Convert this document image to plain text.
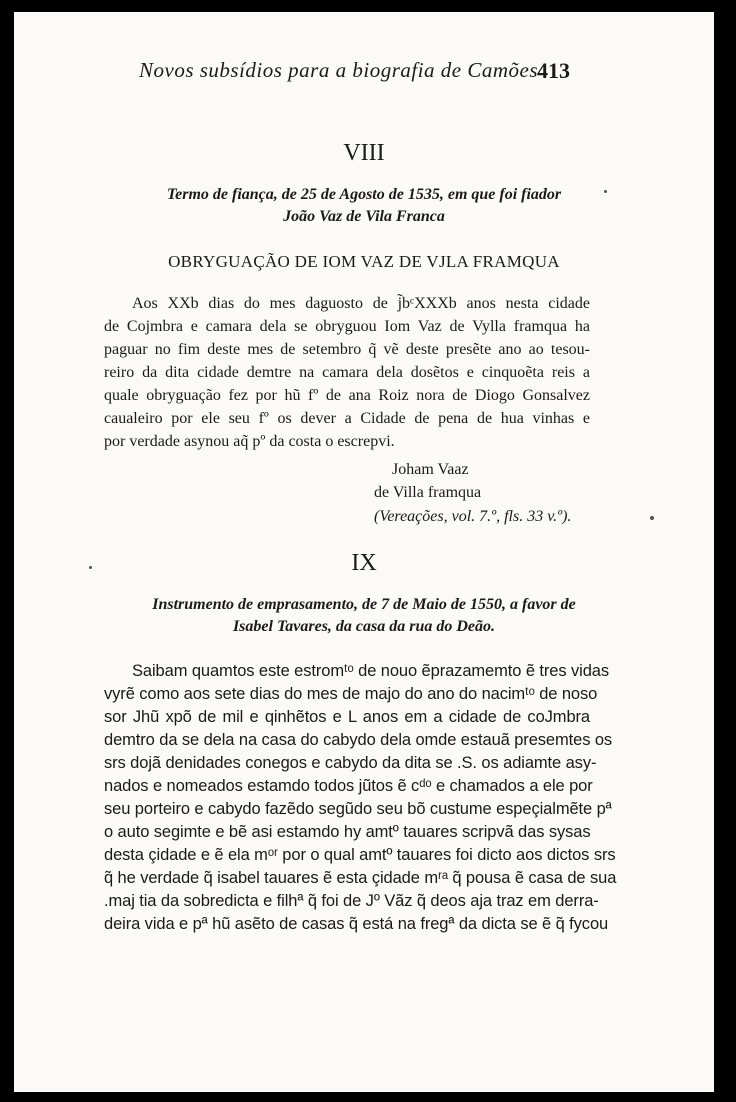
Novos subsídios para a biografia de Camões
413
VIII
Termo de fiança, de 25 de Agosto de 1535, em que foi fiador
João Vaz de Vila Franca
OBRYGUAÇÃO DE IOM VAZ DE VJLA FRAMQUA
Aos XXb dias do mes daguosto de j̃bᶜXXXb anos nesta cidade
de Cojmbra e camara dela se obryguou Iom Vaz de Vylla framqua ha
paguar no fim deste mes de setembro q̃ vẽ deste presẽte ano ao tesou-
reiro da dita cidade demtre na camara dela dosẽtos e cinquoẽta reis a
quale obryguação fez por hũ fº de ana Roiz nora de Diogo Gonsalvez
caualeiro por ele seu fº os dever a Cidade de pena de hua vinhas e
por verdade asynou aq̃ pº da costa o escrepvi.
Joham Vaaz
de Villa framqua
(Vereações, vol. 7.º, fls. 33 v.º).
IX
Instrumento de emprasamento, de 7 de Maio de 1550, a favor de
Isabel Tavares, da casa da rua do Deão.
Saibam quamtos este estromᵗᵒ de nouo ẽprazamemto ẽ tres vidas
vyrẽ como aos sete dias do mes de majo do ano do nacimᵗᵒ de noso
sor Jhũ xpõ de mil e qinhẽtos e L anos em a cidade de coJmbra
demtro da se dela na casa do cabydo dela omde estauã presemtes os
srs dojã denidades conegos e cabydo da dita se .S. os adiamte asy-
nados e nomeados estamdo todos jũtos ẽ cᵈᵒ e chamados a ele por
seu porteiro e cabydo fazẽdo segũdo seu bõ custume espeçialmẽte pª
o auto segimte e bẽ asi estamdo hy amtº tauares scripvã das sysas
desta çidade e ẽ ela mᵒʳ por o qual amtº tauares foi dicto aos dictos srs
q̃ he verdade q̃ isabel tauares ẽ esta çidade mʳᵃ q̃ pousa ẽ casa de sua
.maj tia da sobredicta e filhª q̃ foi de Jº Vãz q̃ deos aja traz em derra-
deira vida e pª hũ asẽto de casas q̃ está na fregª da dicta se ẽ q̃ fycou
